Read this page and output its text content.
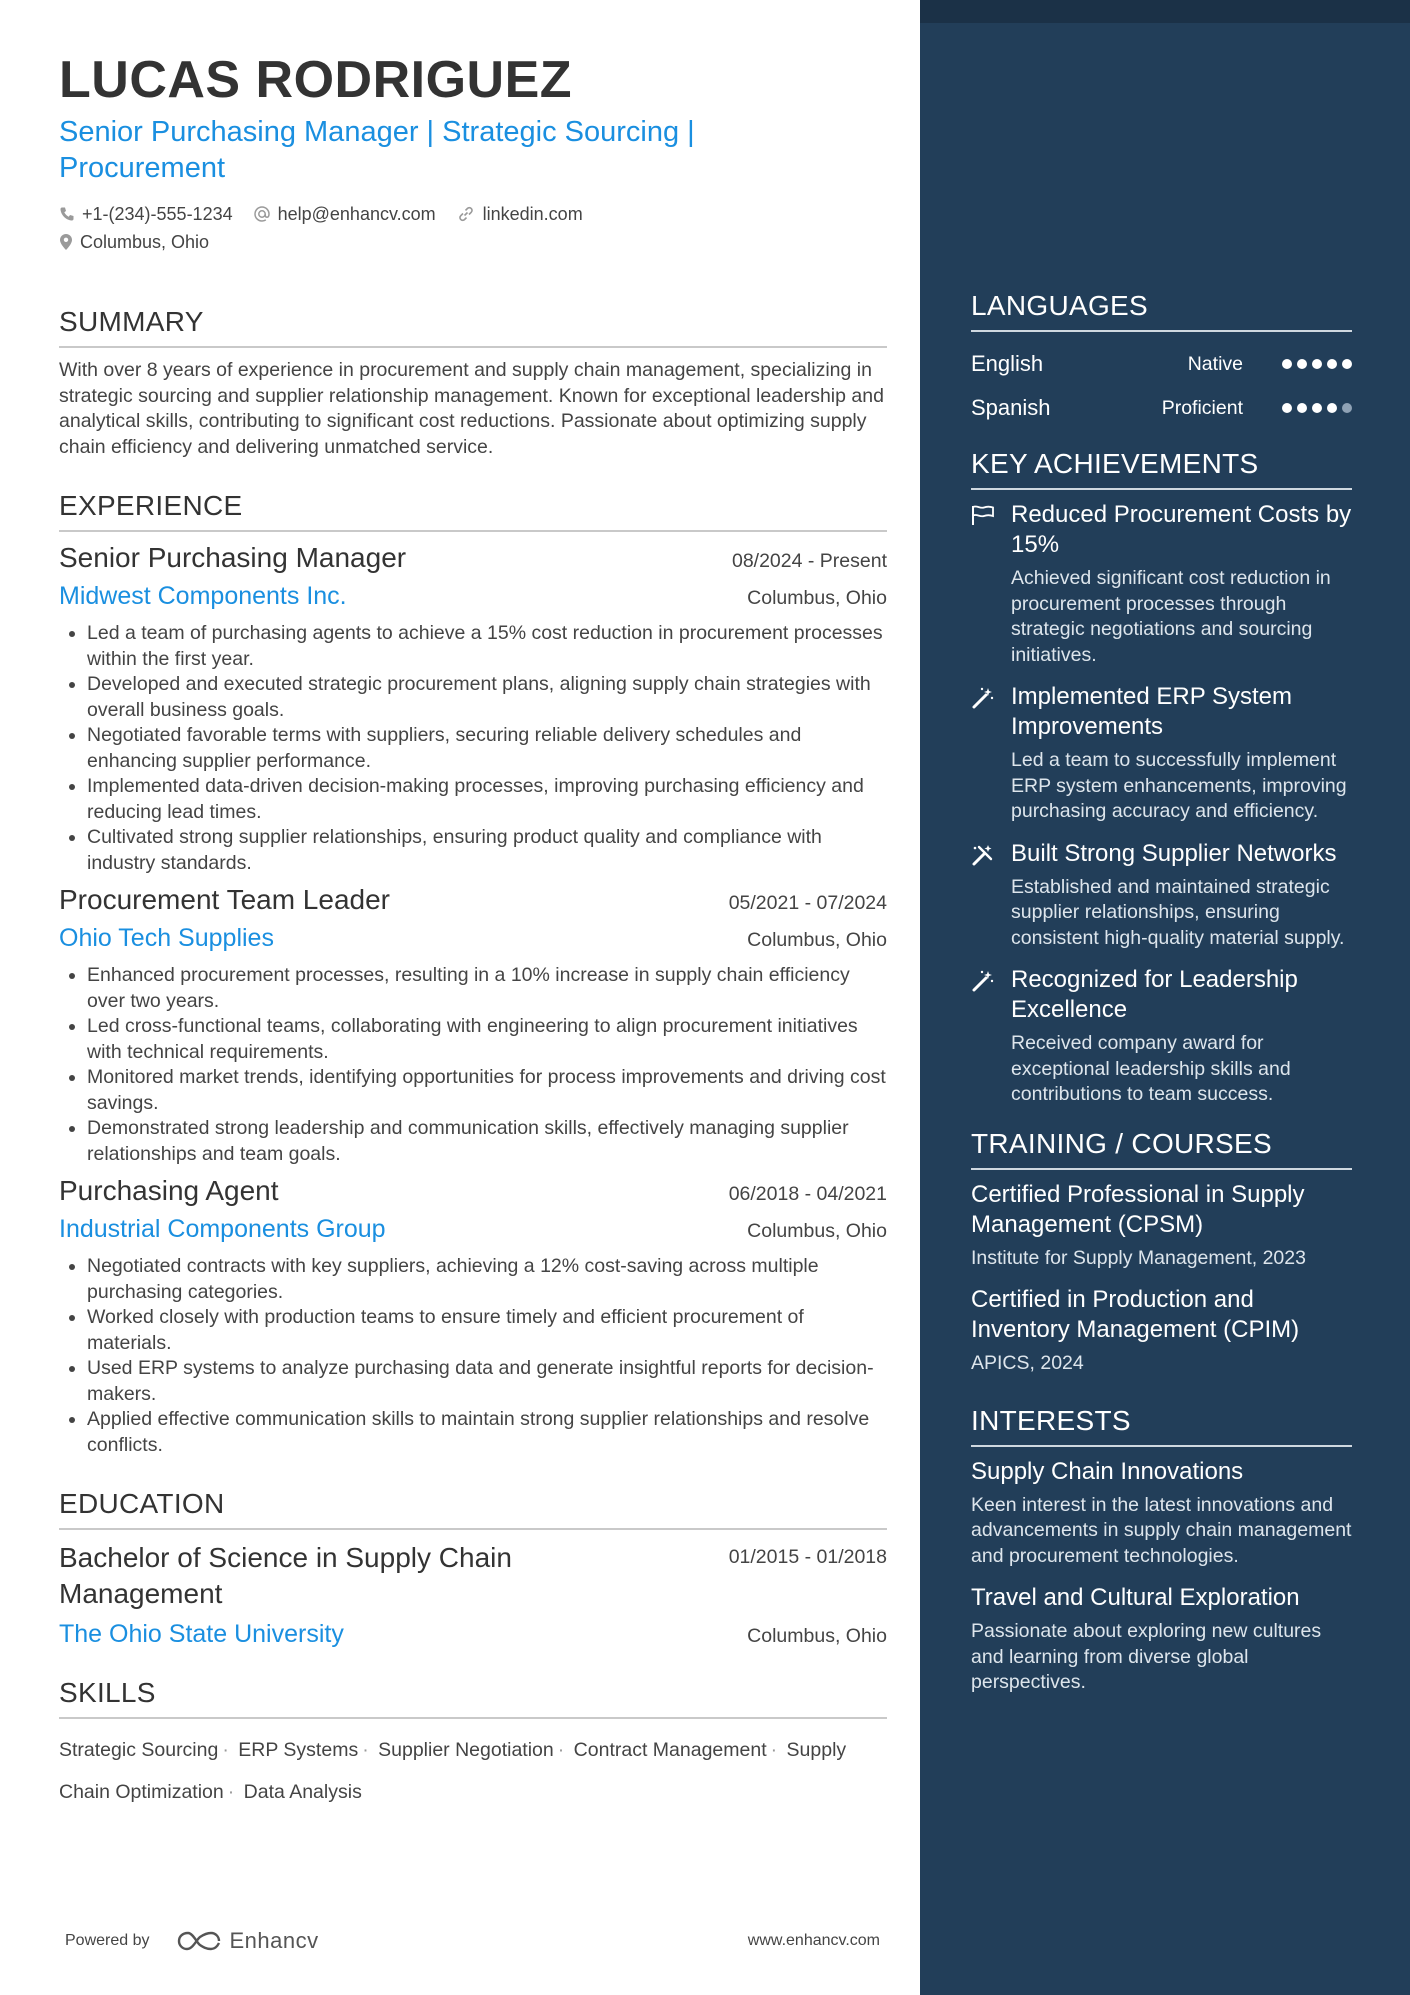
LUCAS RODRIGUEZ
Senior Purchasing Manager | Strategic Sourcing | Procurement
+1-(234)-555-1234	help@enhancv.com	linkedin.com
Columbus, Ohio
SUMMARY
With over 8 years of experience in procurement and supply chain management, specializing in strategic sourcing and supplier relationship management. Known for exceptional leadership and analytical skills, contributing to significant cost reductions. Passionate about optimizing supply chain efficiency and delivering unmatched service.
EXPERIENCE
Senior Purchasing Manager	08/2024 - Present
Midwest Components Inc.	Columbus, Ohio
• Led a team of purchasing agents to achieve a 15% cost reduction in procurement processes within the first year.
• Developed and executed strategic procurement plans, aligning supply chain strategies with overall business goals.
• Negotiated favorable terms with suppliers, securing reliable delivery schedules and enhancing supplier performance.
• Implemented data-driven decision-making processes, improving purchasing efficiency and reducing lead times.
• Cultivated strong supplier relationships, ensuring product quality and compliance with industry standards.
Procurement Team Leader	05/2021 - 07/2024
Ohio Tech Supplies	Columbus, Ohio
• Enhanced procurement processes, resulting in a 10% increase in supply chain efficiency over two years.
• Led cross-functional teams, collaborating with engineering to align procurement initiatives with technical requirements.
• Monitored market trends, identifying opportunities for process improvements and driving cost savings.
• Demonstrated strong leadership and communication skills, effectively managing supplier relationships and team goals.
Purchasing Agent	06/2018 - 04/2021
Industrial Components Group	Columbus, Ohio
• Negotiated contracts with key suppliers, achieving a 12% cost-saving across multiple purchasing categories.
• Worked closely with production teams to ensure timely and efficient procurement of materials.
• Used ERP systems to analyze purchasing data and generate insightful reports for decision-makers.
• Applied effective communication skills to maintain strong supplier relationships and resolve conflicts.
EDUCATION
Bachelor of Science in Supply Chain Management
01/2015 - 01/2018
The Ohio State University	Columbus, Ohio
SKILLS
Strategic Sourcing · ERP Systems · Supplier Negotiation · Contract Management · Supply Chain Optimization · Data Analysis
Powered by	Enhancv	www.enhancv.com
LANGUAGES
English	Native
Spanish	Proficient
KEY ACHIEVEMENTS
Reduced Procurement Costs by 15%
Achieved significant cost reduction in procurement processes through strategic negotiations and sourcing initiatives.
Implemented ERP System Improvements
Led a team to successfully implement ERP system enhancements, improving purchasing accuracy and efficiency.
Built Strong Supplier Networks
Established and maintained strategic supplier relationships, ensuring consistent high-quality material supply.
Recognized for Leadership Excellence
Received company award for exceptional leadership skills and contributions to team success.
TRAINING / COURSES
Certified Professional in Supply Management (CPSM)
Institute for Supply Management, 2023
Certified in Production and Inventory Management (CPIM)
APICS, 2024
INTERESTS
Supply Chain Innovations
Keen interest in the latest innovations and advancements in supply chain management and procurement technologies.
Travel and Cultural Exploration
Passionate about exploring new cultures and learning from diverse global perspectives.
